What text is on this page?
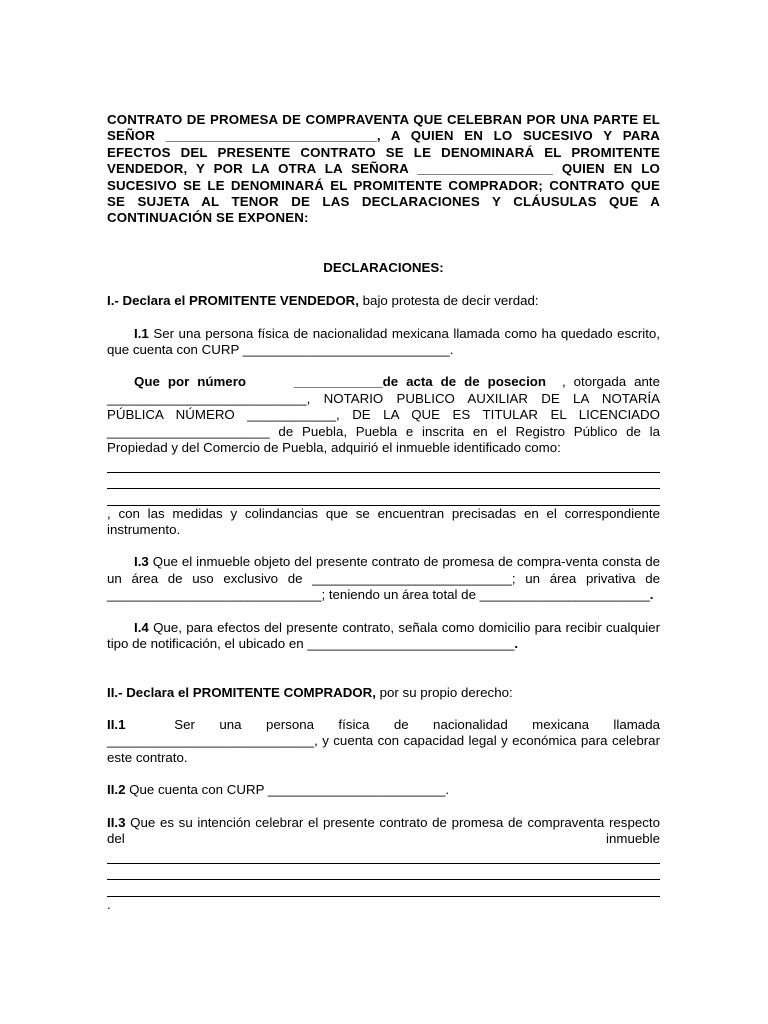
CONTRATO DE PROMESA DE COMPRAVENTA QUE CELEBRAN POR UNA PARTE EL SEÑOR ____________________________, A QUIEN EN LO SUCESIVO Y PARA EFECTOS DEL PRESENTE CONTRATO SE LE DENOMINARÁ EL PROMITENTE VENDEDOR, Y POR LA OTRA LA SEÑORA __________________ QUIEN EN LO SUCESIVO SE LE DENOMINARÁ EL PROMITENTE COMPRADOR; CONTRATO QUE SE SUJETA AL TENOR DE LAS DECLARACIONES Y CLÁUSULAS QUE A CONTINUACIÓN SE EXPONEN:

DECLARACIONES:

I.- Declara el PROMITENTE VENDEDOR, bajo protesta de decir verdad:

I.1 Ser una persona física de nacionalidad mexicana llamada como ha quedado escrito, que cuenta con CURP ____________________________.

Que por número      ____________de acta de de posecion  , otorgada ante ___________________________, NOTARIO PUBLICO AUXILIAR DE LA NOTARÍA PÚBLICA NÚMERO ____________, DE LA QUE ES TITULAR EL LICENCIADO ______________________ de Puebla, Puebla e inscrita en el Registro Público de la Propiedad y del Comercio de Puebla, adquirió el inmueble identificado como:

, con las medidas y colindancias que se encuentran precisadas en el correspondiente instrumento.

I.3 Que el inmueble objeto del presente contrato de promesa de compra-venta consta de un área de uso exclusivo de ___________________________; un área privativa de _____________________________; teniendo un área total de _______________________.

I.4 Que, para efectos del presente contrato, señala como domicilio para recibir cualquier tipo de notificación, el ubicado en ____________________________.

II.- Declara el PROMITENTE COMPRADOR, por su propio derecho:

II.1  Ser una persona física de nacionalidad mexicana llamada ____________________________, y cuenta con capacidad legal y económica para celebrar este contrato.

II.2 Que cuenta con CURP ________________________.

II.3 Que es su intención celebrar el presente contrato de promesa de compraventa respecto del inmueble

.
